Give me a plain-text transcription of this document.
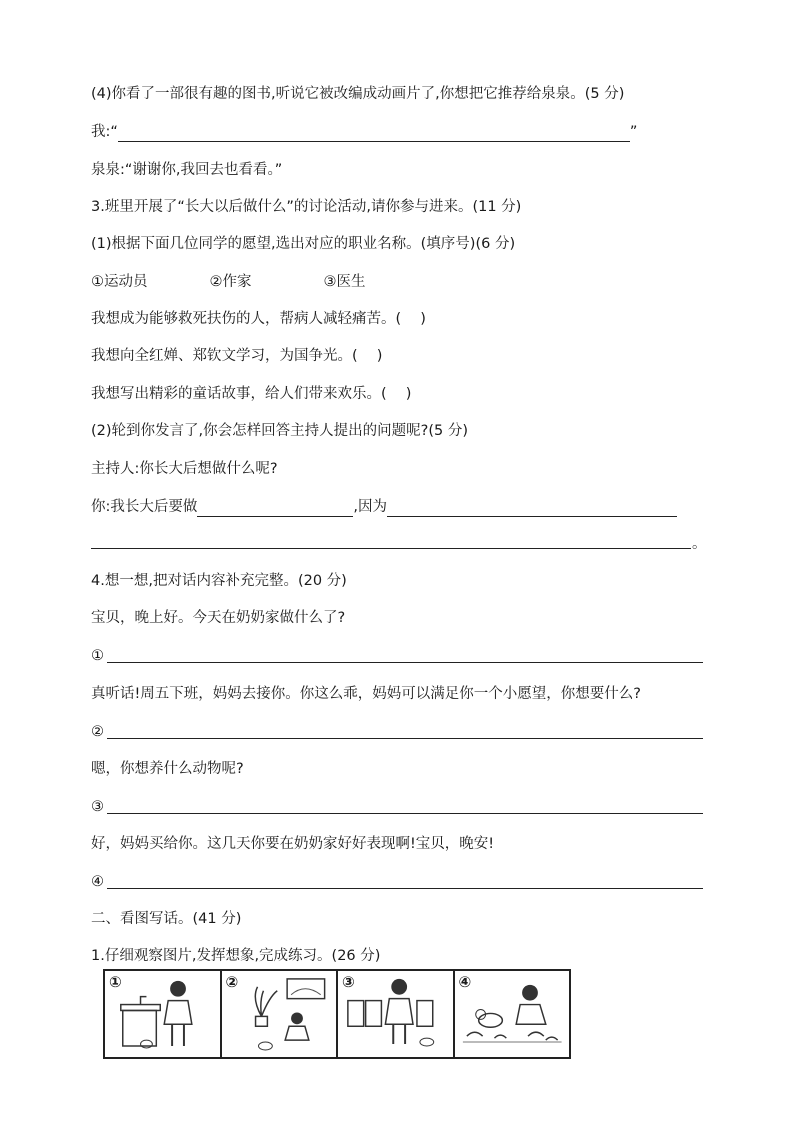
(4)你看了一部很有趣的图书,听说它被改编成动画片了,你想把它推荐给泉泉。(5 分)
我:“	”
泉泉:“谢谢你,我回去也看看。”
3.班里开展了“长大以后做什么”的讨论活动,请你参与进来。(11 分)
(1)根据下面几位同学的愿望,选出对应的职业名称。(填序号)(6 分)
①运动员	②作家	③医生
我想成为能够救死扶伤的人，帮病人减轻痛苦。(　 )
我想向全红婵、郑钦文学习，为国争光。(　 )
我想写出精彩的童话故事，给人们带来欢乐。(　 )
(2)轮到你发言了,你会怎样回答主持人提出的问题呢?(5 分)
主持人:你长大后想做什么呢?
你:我长大后要做	,因为
。
4.想一想,把对话内容补充完整。(20 分)
宝贝，晚上好。今天在奶奶家做什么了?
①
真听话!周五下班，妈妈去接你。你这么乖，妈妈可以满足你一个小愿望，你想要什么?
②
嗯，你想养什么动物呢?
③
好，妈妈买给你。这几天你要在奶奶家好好表现啊!宝贝，晚安!
④
二、看图写话。(41 分)
1.仔细观察图片,发挥想象,完成练习。(26 分)
①	②	③	④
